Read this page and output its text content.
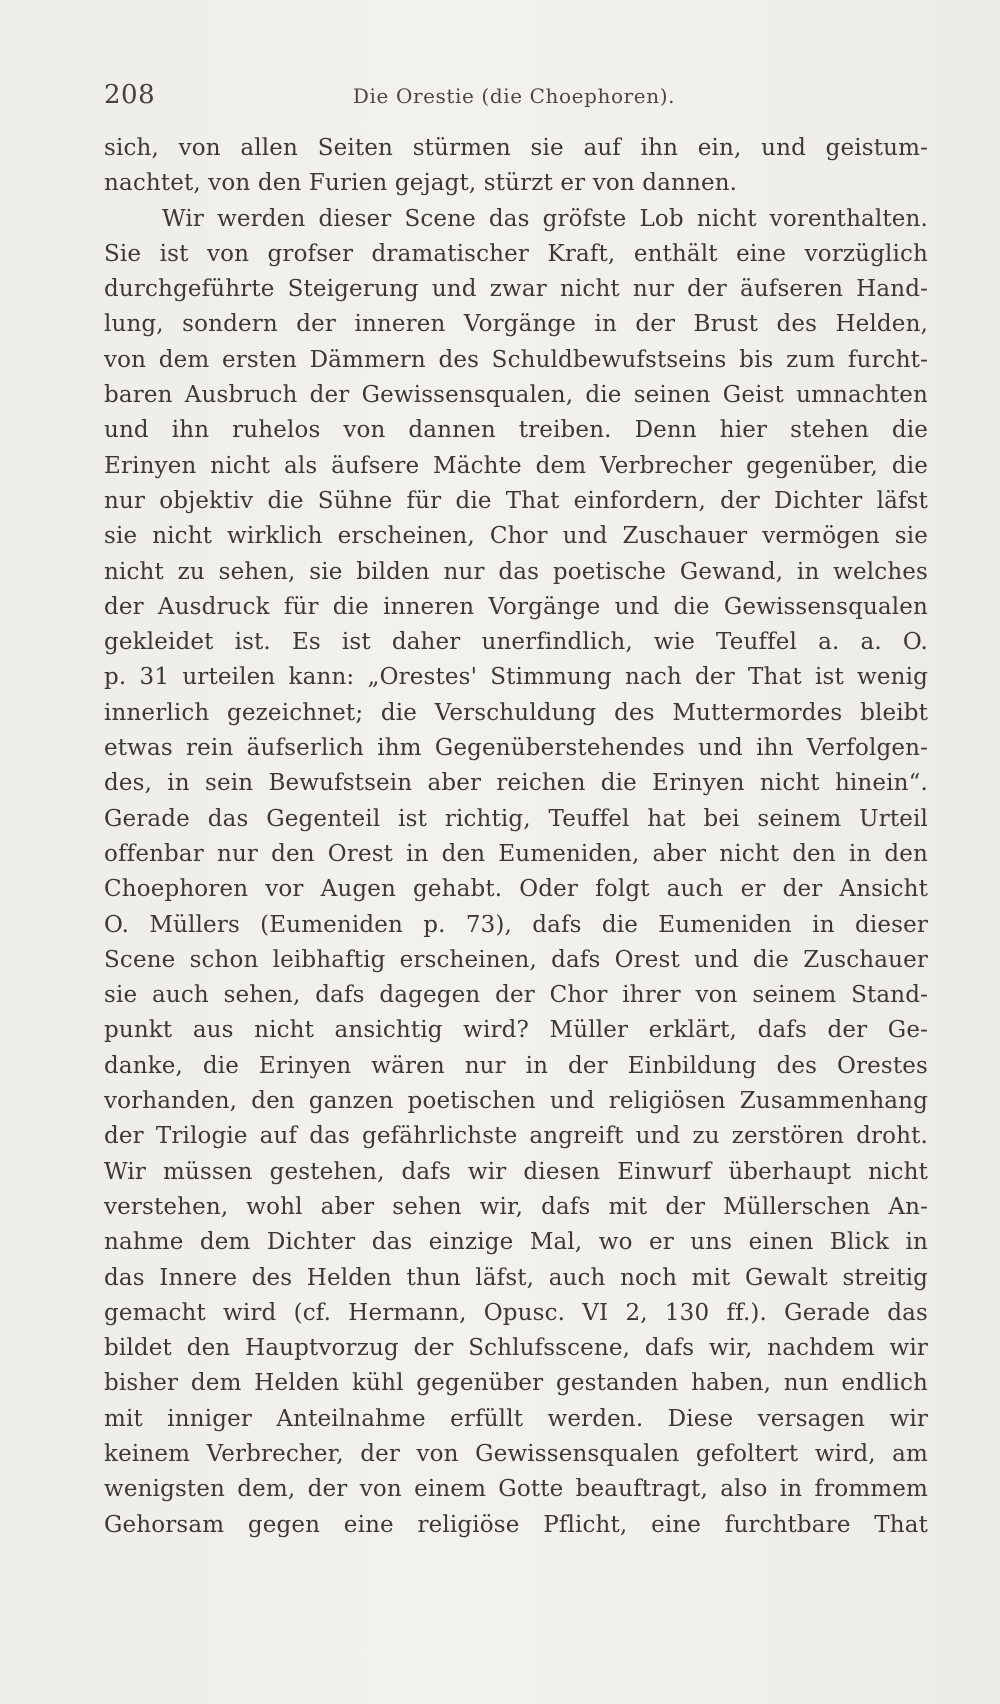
208	Die Orestie (die Choephoren).
sich, von allen Seiten stürmen sie auf ihn ein, und geistum-
nachtet, von den Furien gejagt, stürzt er von dannen.
Wir werden dieser Scene das gröfste Lob nicht vorenthalten.
Sie ist von grofser dramatischer Kraft, enthält eine vorzüglich
durchgeführte Steigerung und zwar nicht nur der äufseren Hand-
lung, sondern der inneren Vorgänge in der Brust des Helden,
von dem ersten Dämmern des Schuldbewufstseins bis zum furcht-
baren Ausbruch der Gewissensqualen, die seinen Geist umnachten
und ihn ruhelos von dannen treiben. Denn hier stehen die
Erinyen nicht als äufsere Mächte dem Verbrecher gegenüber, die
nur objektiv die Sühne für die That einfordern, der Dichter läfst
sie nicht wirklich erscheinen, Chor und Zuschauer vermögen sie
nicht zu sehen, sie bilden nur das poetische Gewand, in welches
der Ausdruck für die inneren Vorgänge und die Gewissensqualen
gekleidet ist. Es ist daher unerfindlich, wie Teuffel a. a. O.
p. 31 urteilen kann: „Orestes' Stimmung nach der That ist wenig
innerlich gezeichnet; die Verschuldung des Muttermordes bleibt
etwas rein äufserlich ihm Gegenüberstehendes und ihn Verfolgen-
des, in sein Bewufstsein aber reichen die Erinyen nicht hinein“.
Gerade das Gegenteil ist richtig, Teuffel hat bei seinem Urteil
offenbar nur den Orest in den Eumeniden, aber nicht den in den
Choephoren vor Augen gehabt. Oder folgt auch er der Ansicht
O. Müllers (Eumeniden p. 73), dafs die Eumeniden in dieser
Scene schon leibhaftig erscheinen, dafs Orest und die Zuschauer
sie auch sehen, dafs dagegen der Chor ihrer von seinem Stand-
punkt aus nicht ansichtig wird? Müller erklärt, dafs der Ge-
danke, die Erinyen wären nur in der Einbildung des Orestes
vorhanden, den ganzen poetischen und religiösen Zusammenhang
der Trilogie auf das gefährlichste angreift und zu zerstören droht.
Wir müssen gestehen, dafs wir diesen Einwurf überhaupt nicht
verstehen, wohl aber sehen wir, dafs mit der Müllerschen An-
nahme dem Dichter das einzige Mal, wo er uns einen Blick in
das Innere des Helden thun läfst, auch noch mit Gewalt streitig
gemacht wird (cf. Hermann, Opusc. VI 2, 130 ff.). Gerade das
bildet den Hauptvorzug der Schlufsscene, dafs wir, nachdem wir
bisher dem Helden kühl gegenüber gestanden haben, nun endlich
mit inniger Anteilnahme erfüllt werden. Diese versagen wir
keinem Verbrecher, der von Gewissensqualen gefoltert wird, am
wenigsten dem, der von einem Gotte beauftragt, also in frommem
Gehorsam gegen eine religiöse Pflicht, eine furchtbare That
